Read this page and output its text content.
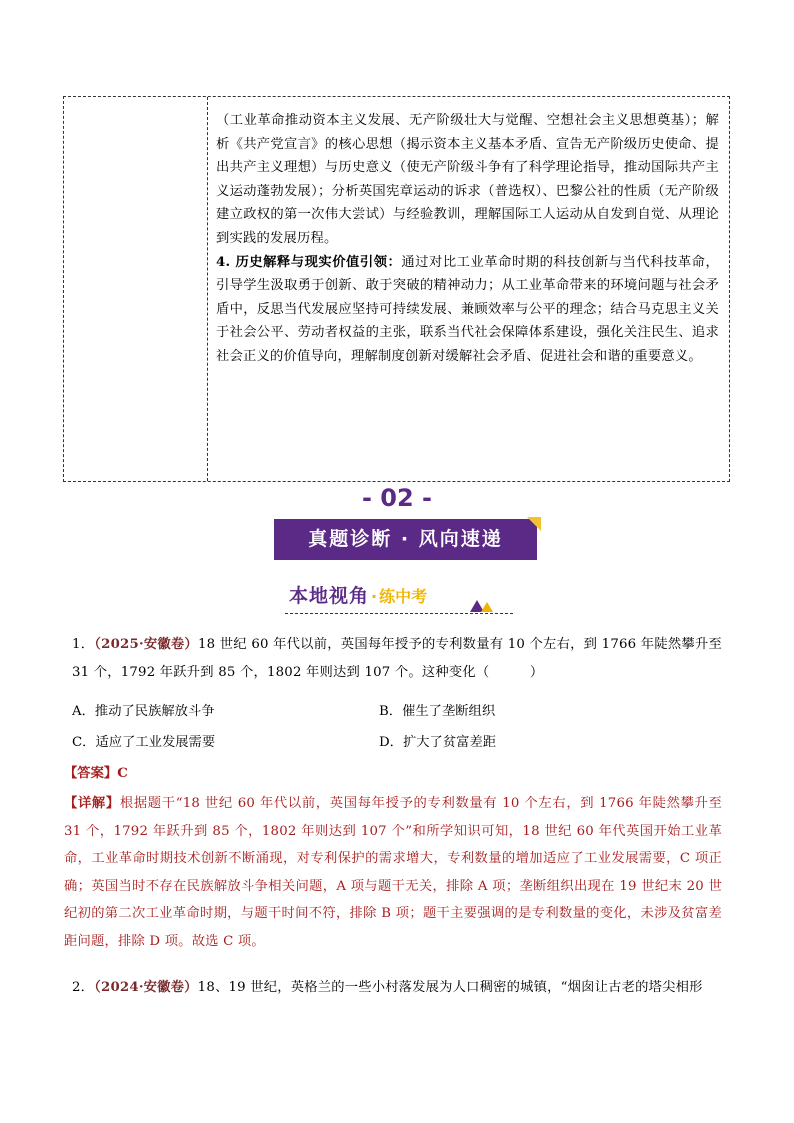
（工业革命推动资本主义发展、无产阶级壮大与觉醒、空想社会主义思想奠基）；解析《共产党宣言》的核心思想（揭示资本主义基本矛盾、宣告无产阶级历史使命、提出共产主义理想）与历史意义（使无产阶级斗争有了科学理论指导，推动国际共产主义运动蓬勃发展）；分析英国宪章运动的诉求（普选权）、巴黎公社的性质（无产阶级建立政权的第一次伟大尝试）与经验教训，理解国际工人运动从自发到自觉、从理论到实践的发展历程。
4. 历史解释与现实价值引领：通过对比工业革命时期的科技创新与当代科技革命，引导学生汲取勇于创新、敢于突破的精神动力；从工业革命带来的环境问题与社会矛盾中，反思当代发展应坚持可持续发展、兼顾效率与公平的理念；结合马克思主义关于社会公平、劳动者权益的主张，联系当代社会保障体系建设，强化关注民生、追求社会正义的价值导向，理解制度创新对缓解社会矛盾、促进社会和谐的重要意义。
- 02 -
真题诊断 · 风向速递
本地视角 · 练中考
1．（2025·安徽卷）18 世纪 60 年代以前，英国每年授予的专利数量有 10 个左右，到 1766 年陡然攀升至 31 个，1792 年跃升到 85 个，1802 年则达到 107 个。这种变化（　　　）
A．推动了民族解放斗争	B．催生了垄断组织
C．适应了工业发展需要	D．扩大了贫富差距
【答案】C
【详解】根据题干“18 世纪 60 年代以前，英国每年授予的专利数量有 10 个左右，到 1766 年陡然攀升至 31 个，1792 年跃升到 85 个，1802 年则达到 107 个”和所学知识可知，18 世纪 60 年代英国开始工业革命，工业革命时期技术创新不断涌现，对专利保护的需求增大，专利数量的增加适应了工业发展需要，C 项正确；英国当时不存在民族解放斗争相关问题，A 项与题干无关，排除 A 项；垄断组织出现在 19 世纪末 20 世纪初的第二次工业革命时期，与题干时间不符，排除 B 项；题干主要强调的是专利数量的变化，未涉及贫富差距问题，排除 D 项。故选 C 项。
2．（2024·安徽卷）18、19 世纪，英格兰的一些小村落发展为人口稠密的城镇，“烟囱让古老的塔尖相形
